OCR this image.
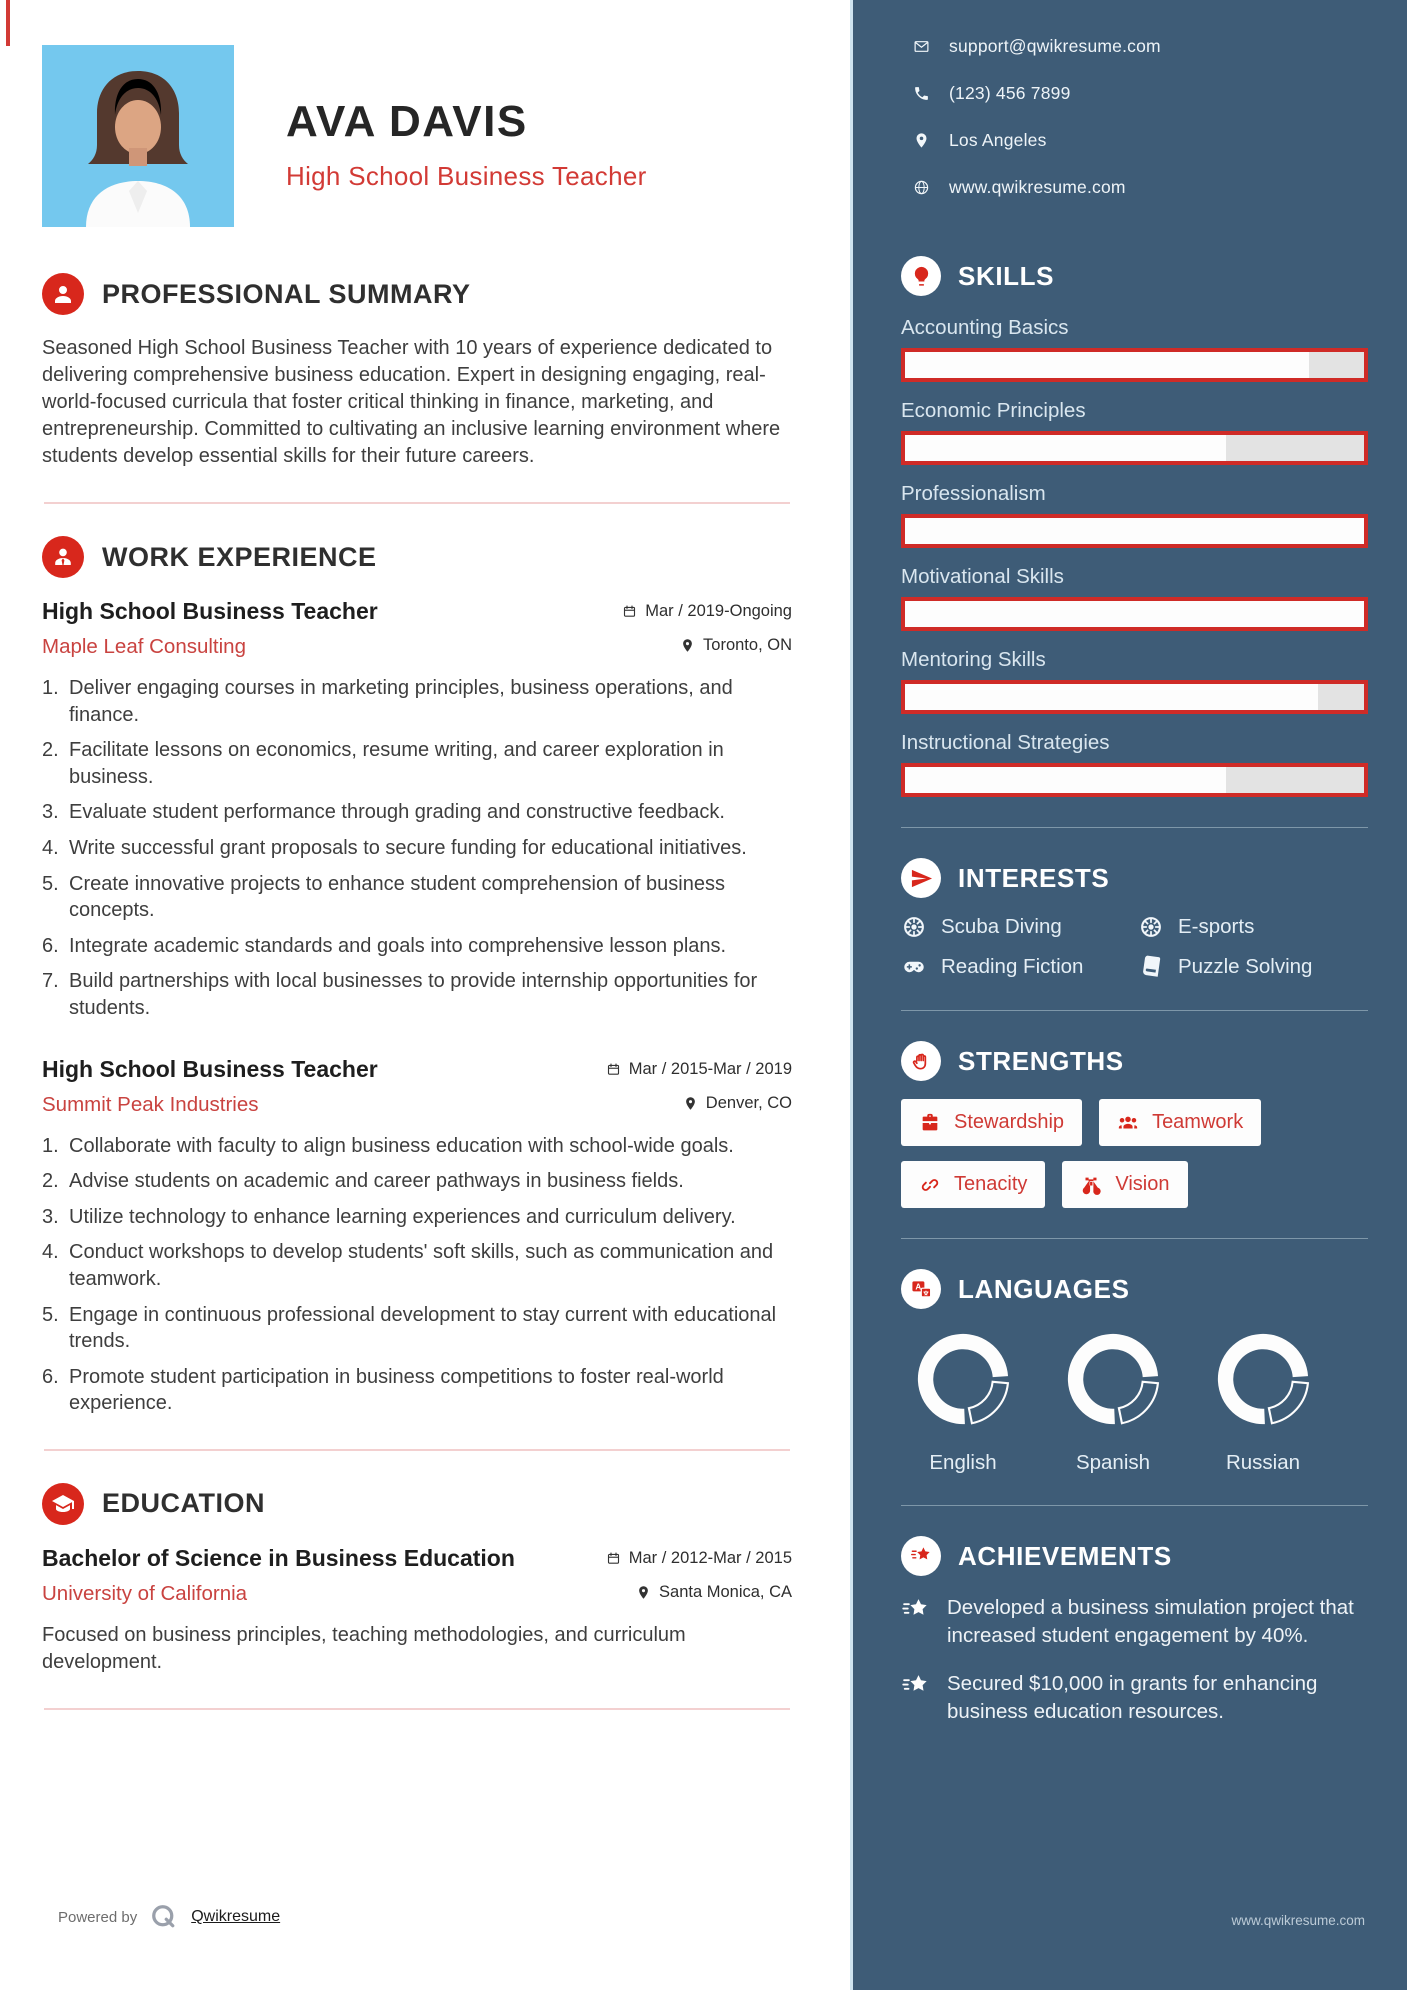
AVA DAVIS
High School Business Teacher
PROFESSIONAL SUMMARY

Seasoned High School Business Teacher with 10 years of experience dedicated to delivering comprehensive business education. Expert in designing engaging, real-world-focused curricula that foster critical thinking in finance, marketing, and entrepreneurship. Committed to cultivating an inclusive learning environment where students develop essential skills for their future careers.

WORK EXPERIENCE
High School Business Teacher	Mar / 2019-Ongoing
Maple Leaf Consulting	Toronto, ON
Deliver engaging courses in marketing principles, business operations, and finance.
Facilitate lessons on economics, resume writing, and career exploration in business.
Evaluate student performance through grading and constructive feedback.
Write successful grant proposals to secure funding for educational initiatives.
Create innovative projects to enhance student comprehension of business concepts.
Integrate academic standards and goals into comprehensive lesson plans.
Build partnerships with local businesses to provide internship opportunities for students.
High School Business Teacher	Mar / 2015-Mar / 2019
Summit Peak Industries	Denver, CO
Collaborate with faculty to align business education with school-wide goals.
Advise students on academic and career pathways in business fields.
Utilize technology to enhance learning experiences and curriculum delivery.
Conduct workshops to develop students' soft skills, such as communication and teamwork.
Engage in continuous professional development to stay current with educational trends.
Promote student participation in business competitions to foster real-world experience.
EDUCATION
Bachelor of Science in Business Education	Mar / 2012-Mar / 2015
University of California	Santa Monica, CA

Focused on business principles, teaching methodologies, and curriculum development.

Powered by	Qwikresume
support@qwikresume.com
(123) 456 7899
Los Angeles
www.qwikresume.com
SKILLS
Accounting Basics
Economic Principles
Professionalism
Motivational Skills
Mentoring Skills
Instructional Strategies
INTERESTS
Scuba Diving	E-sports
Reading Fiction	Puzzle Solving
STRENGTHS
Stewardship	Teamwork
Tenacity	Vision
A LANGUAGES
English	Spanish	Russian
ACHIEVEMENTS
Developed a business simulation project that increased student engagement by 40%.
Secured $10,000 in grants for enhancing business education resources.
www.qwikresume.com
